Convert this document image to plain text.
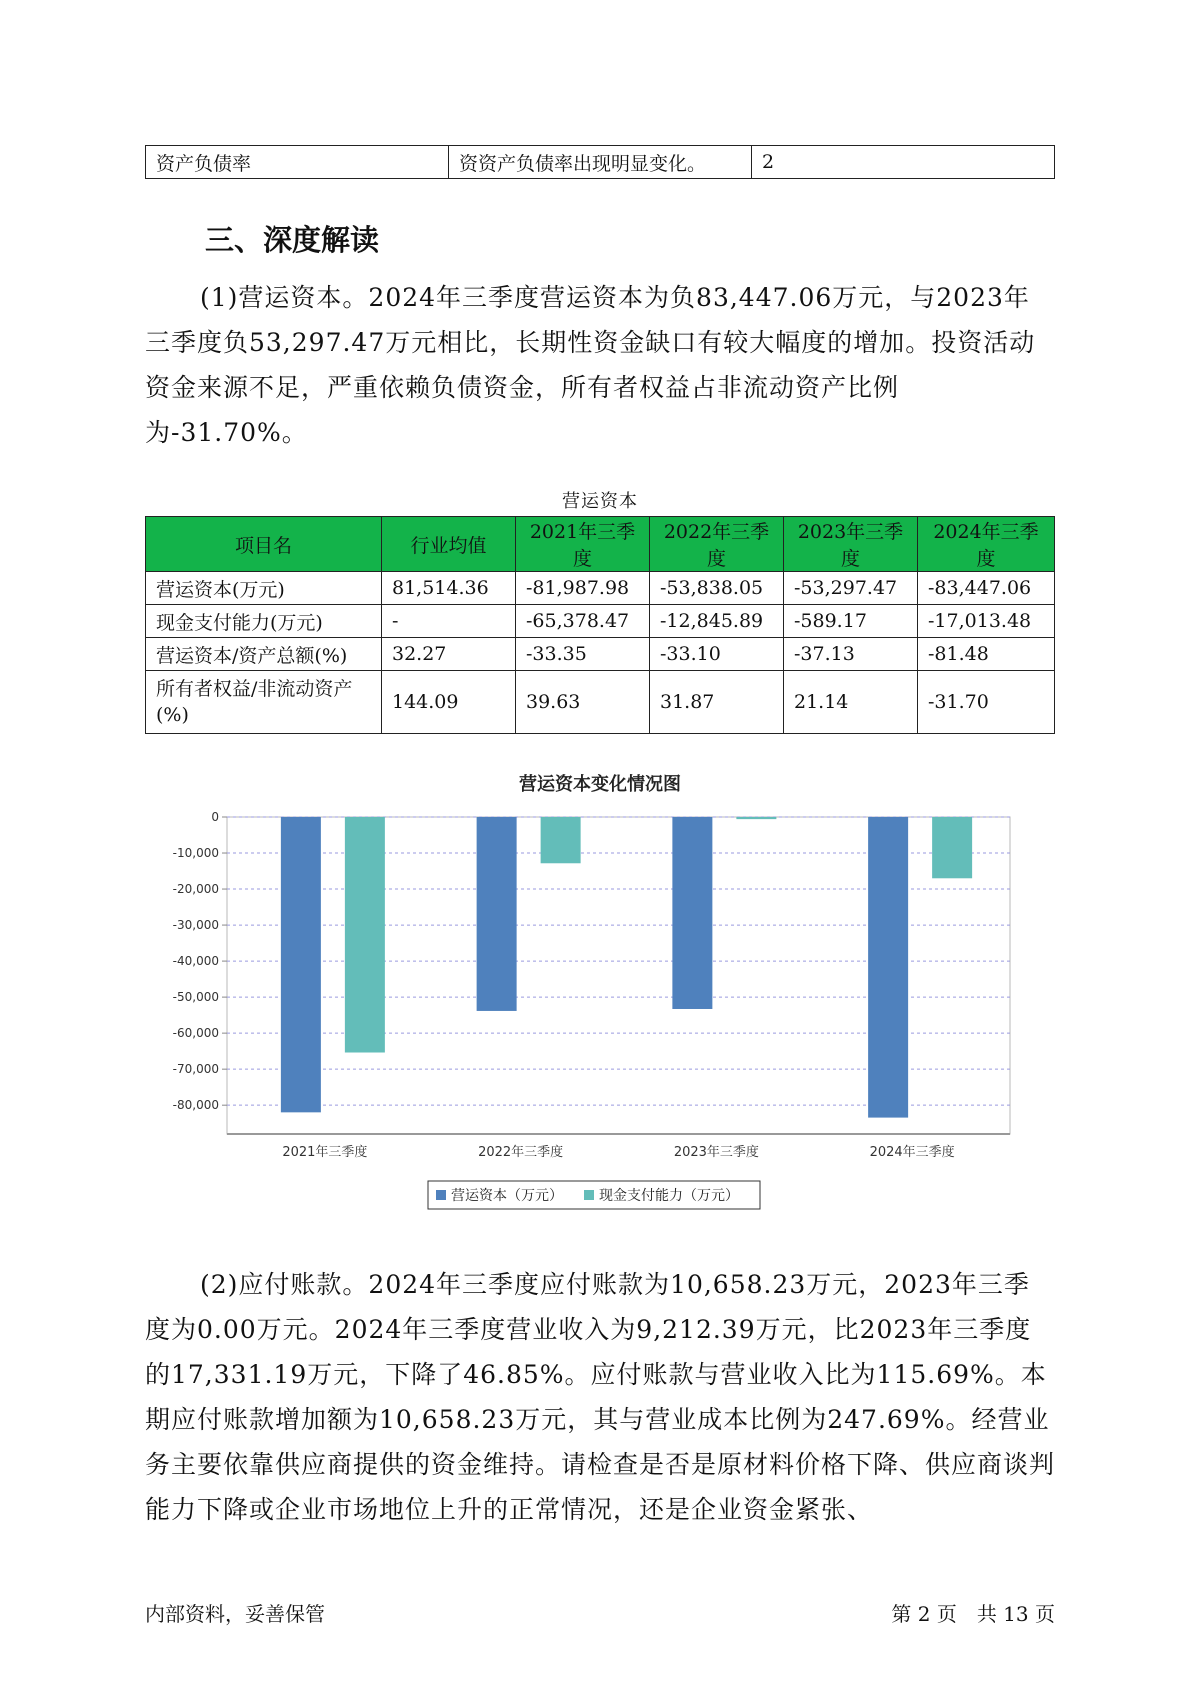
资产负债率	资资产负债率出现明显变化。	2
三、深度解读

(1)营运资本。2024年三季度营运资本为负83,447.06万元，与2023年三季度负53,297.47万元相比，长期性资金缺口有较大幅度的增加。投资活动资金来源不足，严重依赖负债资金，所有者权益占非流动资产比例为-31.70%。

营运资本
项目名	行业均值	2021年三季度	2022年三季度	2023年三季度	2024年三季度
营运资本(万元)	81,514.36	-81,987.98	-53,838.05	-53,297.47	-83,447.06
现金支付能力(万元)	-	-65,378.47	-12,845.89	-589.17	-17,013.48
营运资本/资产总额(%)	32.27	-33.35	-33.10	-37.13	-81.48
所有者权益/非流动资产(%)	144.09	39.63	31.87	21.14	-31.70
营运资本变化情况图
0
-10,000
-20,000
-30,000
-40,000
-50,000
-60,000
-70,000
-80,000
2021年三季度	2022年三季度	2023年三季度	2024年三季度
营运资本（万元）	现金支付能力（万元）

(2)应付账款。2024年三季度应付账款为10,658.23万元，2023年三季度为0.00万元。2024年三季度营业收入为9,212.39万元，比2023年三季度的17,331.19万元，下降了46.85%。应付账款与营业收入比为115.69%。本期应付账款增加额为10,658.23万元，其与营业成本比例为247.69%。经营业务主要依靠供应商提供的资金维持。请检查是否是原材料价格下降、供应商谈判能力下降或企业市场地位上升的正常情况，还是企业资金紧张、

内部资料，妥善保管	第 2 页　共 13 页
